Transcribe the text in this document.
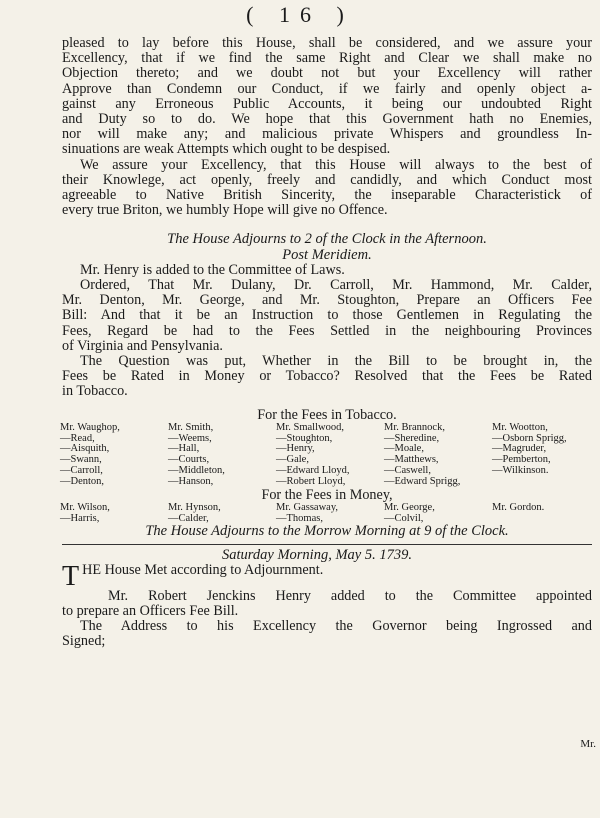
( 16 )

pleased to lay before this House, shall be considered, and we assure your
Excellency, that if we find the same Right and Clear we shall make no
Objection thereto; and we doubt not but your Excellency will rather
Approve than Condemn our Conduct, if we fairly and openly object a-
gainst any Erroneous Public Accounts, it being our undoubted Right
and Duty so to do. We hope that this Government hath no Enemies,
nor will make any; and malicious private Whispers and groundless In-
sinuations are weak Attempts which ought to be despised.

We assure your Excellency, that this House will always to the best of
their Knowlege, act openly, freely and candidly, and which Conduct most
agreeable to Native British Sincerity, the inseparable Characteristick of
every true Briton, we humbly Hope will give no Offence.

The House Adjourns to 2 of the Clock in the Afternoon.

Post Meridiem.

Mr. Henry is added to the Committee of Laws.

Ordered, That Mr. Dulany, Dr. Carroll, Mr. Hammond, Mr. Calder,
Mr. Denton, Mr. George, and Mr. Stoughton, Prepare an Officers Fee
Bill: And that it be an Instruction to those Gentlemen in Regulating the
Fees, Regard be had to the Fees Settled in the neighbouring Provinces
of Virginia and Pensylvania.

The Question was put, Whether in the Bill to be brought in, the
Fees be Rated in Money or Tobacco? Resolved that the Fees be Rated
in Tobacco.

For the Fees in Tobacco.

Mr. Waughop,	Mr. Smith,	Mr. Smallwood,	Mr. Brannock,	Mr. Wootton,
—Read,	—Weems,	—Stoughton,	—Sheredine,	—Osborn Sprigg,
—Aisquith,	—Hall,	—Henry,	—Moale,	—Magruder,
—Swann,	—Courts,	—Gale,	—Matthews,	—Pemberton,
—Carroll,	—Middleton,	—Edward Lloyd,	—Caswell,	—Wilkinson.
—Denton,	—Hanson,	—Robert Lloyd,	—Edward Sprigg,	

For the Fees in Money,

Mr. Wilson,	Mr. Hynson,	Mr. Gassaway,	Mr. George,	Mr. Gordon.
—Harris,	—Calder,	—Thomas,	—Colvil,	

The House Adjourns to the Morrow Morning at 9 of the Clock.

Saturday Morning, May 5. 1739.

T HE House Met according to Adjournment.

Mr. Robert Jenckins Henry added to the Committee appointed
to prepare an Officers Fee Bill.

The Address to his Excellency the Governor being Ingrossed and
Signed;

Mr.
